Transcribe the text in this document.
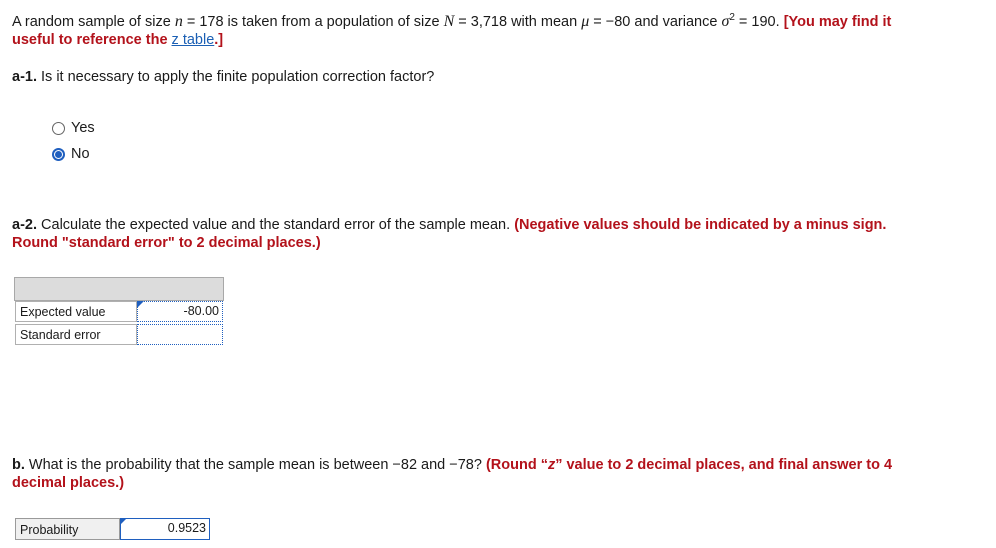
A random sample of size n = 178 is taken from a population of size N = 3,718 with mean μ = −80 and variance $\sigma^2 = 190$. [You may find it
useful to reference the z table.]
a-1. Is it necessary to apply the finite population correction factor?
Yes
No
a-2. Calculate the expected value and the standard error of the sample mean. (Negative values should be indicated by a minus sign.
Round "standard error" to 2 decimal places.)
Expected value	-80.00
Standard error
b. What is the probability that the sample mean is between −82 and −78? (Round “z” value to 2 decimal places, and final answer to 4
decimal places.)
Probability	0.9523
